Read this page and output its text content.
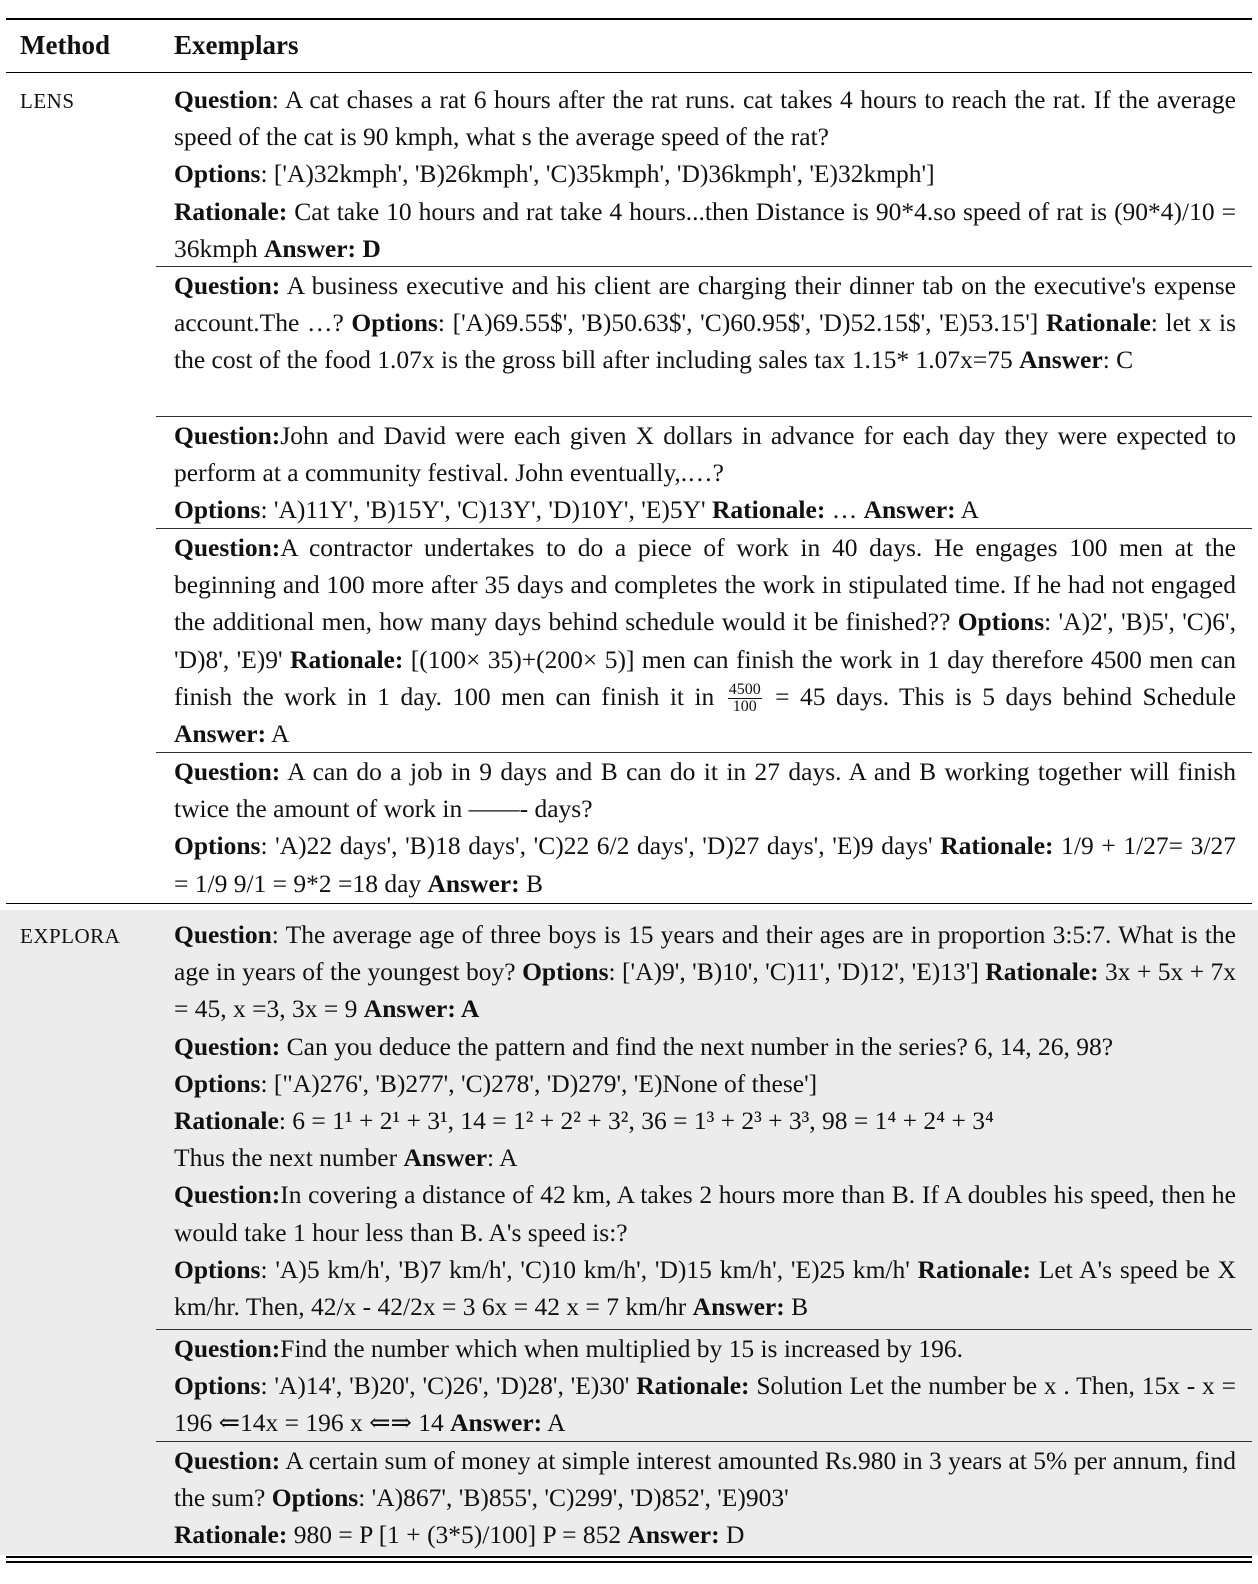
Method Exemplars
LENS	Question: A cat chases a rat 6 hours after the rat runs. cat takes 4 hours to reach the rat. If the average speed of the cat is 90 kmph, what s the average speed of the rat?
Options: ['A)32kmph', 'B)26kmph', 'C)35kmph', 'D)36kmph', 'E)32kmph']
Rationale: Cat take 10 hours and rat take 4 hours...then Distance is 90*4.so speed of rat is (90*4)/10 = 36kmph Answer: D
Question: A business executive and his client are charging their dinner tab on the executive's expense account.The …? Options: ['A)69.55$', 'B)50.63$', 'C)60.95$', 'D)52.15$', 'E)53.15'] Rationale: let x is the cost of the food 1.07x is the gross bill after including sales tax 1.15* 1.07x=75 Answer: C
Question:John and David were each given X dollars in advance for each day they were expected to perform at a community festival. John eventually,.…?
Options: 'A)11Y', 'B)15Y', 'C)13Y', 'D)10Y', 'E)5Y' Rationale: … Answer: A
Question:A contractor undertakes to do a piece of work in 40 days. He engages 100 men at the beginning and 100 more after 35 days and completes the work in stipulated time. If he had not engaged the additional men, how many days behind schedule would it be finished?? Options: 'A)2', 'B)5', 'C)6', 'D)8', 'E)9' Rationale: [(100× 35)+(200× 5)] men can finish the work in 1 day therefore 4500 men can finish the work in 1 day. 100 men can finish it in $\frac{4500}{100} = 45$ days. This is 5 days behind Schedule Answer: A
Question: A can do a job in 9 days and B can do it in 27 days. A and B working together will finish twice the amount of work in ——- days?
Options: 'A)22 days', 'B)18 days', 'C)22 6/2 days', 'D)27 days', 'E)9 days' Rationale: 1/9 + 1/27= 3/27 = 1/9 9/1 = 9*2 =18 day Answer: B
EXPLORA Question: The average age of three boys is 15 years and their ages are in proportion 3:5:7. What is the age in years of the youngest boy? Options: ['A)9', 'B)10', 'C)11', 'D)12', 'E)13'] Rationale: 3x + 5x + 7x = 45, x =3, 3x = 9 Answer: A
Question: Can you deduce the pattern and find the next number in the series? 6, 14, 26, 98?
Options: ["A)276', 'B)277', 'C)278', 'D)279', 'E)None of these']
Rationale: 6 = 1¹ + 2¹ + 3¹, 14 = 1² + 2² + 3², 36 = 1³ + 2³ + 3³, 98 = 1⁴ + 2⁴ + 3⁴
Thus the next number Answer: A
Question:In covering a distance of 42 km, A takes 2 hours more than B. If A doubles his speed, then he would take 1 hour less than B. A's speed is:?
Options: 'A)5 km/h', 'B)7 km/h', 'C)10 km/h', 'D)15 km/h', 'E)25 km/h' Rationale: Let A's speed be X km/hr. Then, 42/x - 42/2x = 3 6x = 42 x = 7 km/hr Answer: B
Question:Find the number which when multiplied by 15 is increased by 196.
Options: 'A)14', 'B)20', 'C)26', 'D)28', 'E)30' Rationale: Solution Let the number be x . Then, 15x - x = 196 ⇐14x = 196 x ⇐⇒ 14 Answer: A
Question: A certain sum of money at simple interest amounted Rs.980 in 3 years at 5% per annum, find the sum? Options: 'A)867', 'B)855', 'C)299', 'D)852', 'E)903'
Rationale: 980 = P [1 + (3*5)/100] P = 852 Answer: D
